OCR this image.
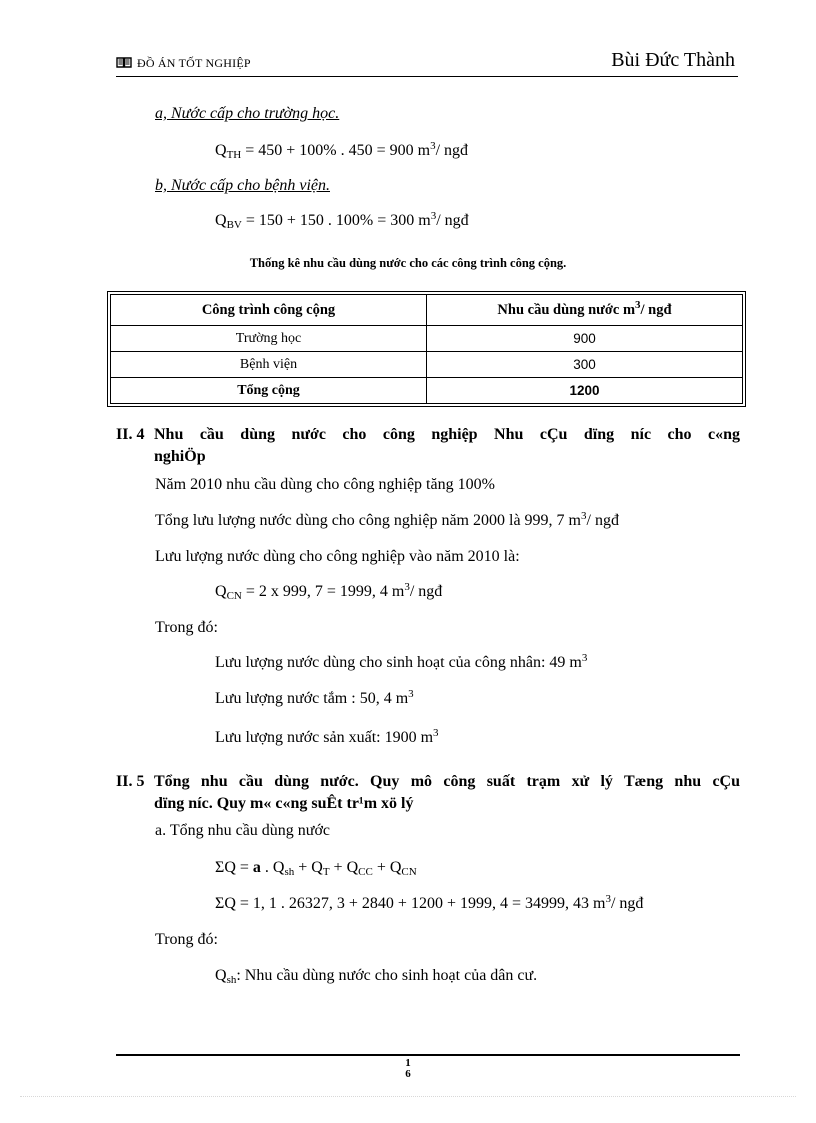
ĐỒ ÁN TỐT NGHIỆP	Bùi Đức Thành
a, Nước cấp cho trường học.
$Q_{TH} = 450 + 100\%$ . 450 = 900 $m^3/$ ngđ
b, Nước cấp cho bệnh viện.
$Q_{BV} = 150 + 150$ . 100% = 300 $m^3/$ ngđ
Thống kê nhu cầu dùng nước cho các công trình công cộng.
Công trình công cộng	Nhu cầu dùng nước $m^3/$ ngđ
Trường học	900
Bệnh viện	300
Tổng cộng	1200
II. 4 Nhu cầu dùng nước cho công nghiệp Nhu cÇu dïng níc cho c«ng
nghiÖp
Năm 2010 nhu cầu dùng cho công nghiệp tăng 100%
Tổng lưu lượng nước dùng cho công nghiệp năm 2000 là 999, 7 $m^3/$ ngđ
Lưu lượng nước dùng cho công nghiệp vào năm 2010 là:
$Q_{CN} = 2$ x 999, 7 = 1999, 4 $m^3/$ ngđ
Trong đó:
Lưu lượng nước dùng cho sinh hoạt của công nhân: 49 $m^3$
Lưu lượng nước tắm : 50, 4 $m^3$
Lưu lượng nước sản xuất: 1900 $m^3$
II. 5 Tổng nhu cầu dùng nước. Quy mô công suất trạm xử lý Tæng nhu cÇu
dïng níc. Quy m« c«ng suÊt tr¹m xö lý
a. Tổng nhu cầu dùng nước
ΣQ = a . $Q_{sh} + Q_T + Q_{CC} + Q_{CN}$
ΣQ = 1, 1 . 26327, 3 + 2840 + 1200 + 1999, 4 = 34999, 43 $m^3/$ ngđ
Trong đó:
$Q_{sh}$: Nhu cầu dùng nước cho sinh hoạt của dân cư.
1
6
